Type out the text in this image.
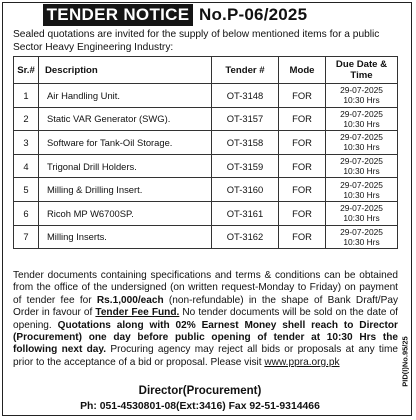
TENDER NOTICE No.P-06/2025
Sealed quotations are invited for the supply of below mentioned items for a public Sector Heavy Engineering Industry:
Sr.#	Description	Tender #	Mode	Due Date & Time
1	Air Handling Unit.	OT-3148	FOR	29-07-2025
10:30 Hrs

2	Static VAR Generator (SWG).	OT-3157	FOR	29-07-2025
10:30 Hrs

3	Software for Tank-Oil Storage.	OT-3158	FOR	29-07-2025
10:30 Hrs

4	Trigonal Drill Holders.	OT-3159	FOR	29-07-2025
10:30 Hrs

5	Milling & Drilling Insert.	OT-3160	FOR	29-07-2025
10:30 Hrs

6	Ricoh MP W6700SP.	OT-3161	FOR	29-07-2025
10:30 Hrs

7	Milling Inserts.	OT-3162	FOR	29-07-2025
10:30 Hrs
Tender documents containing specifications and terms & conditions can be obtained from the office of the undersigned (on written request-Monday to Friday) on payment of tender fee for Rs.1,000/each (non-refundable) in the shape of Bank Draft/Pay Order in favour of Tender Fee Fund. No tender documents will be sold on the date of opening. Quotations along with 02% Earnest Money shell reach to Director (Procurement) one day before public opening of tender at 10:30 Hrs the following next day. Procuring agency may reject all bids or proposals at any time prior to the acceptance of a bid or proposal. Please visit www.ppra.org.pk
Director(Procurement)
Ph: 051-4530801-08(Ext:3416) Fax 92-51-9314466
PID(I)No.95/25
